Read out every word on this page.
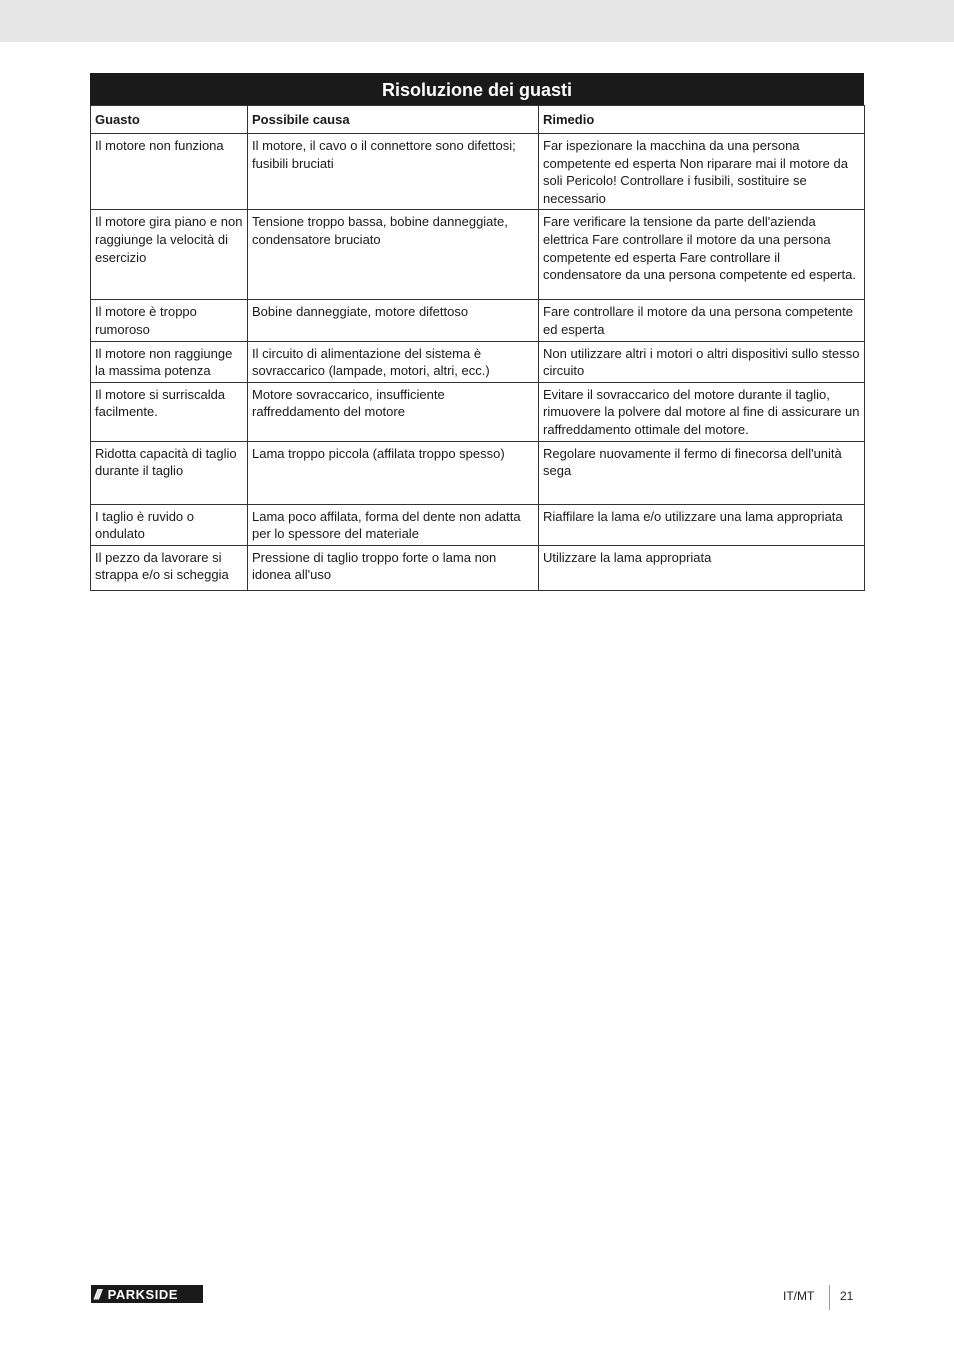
Risoluzione dei guasti
Guasto	Possibile causa	Rimedio
Il motore non funziona	Il motore, il cavo o il connettore sono difettosi; fusibili bruciati	Far ispezionare la macchina da una persona competente ed esperta Non riparare mai il motore da soli Pericolo! Controllare i fusibili, sostituire se necessario
Il motore gira piano e non raggiunge la velocità di esercizio	Tensione troppo bassa, bobine danneggiate, condensatore bruciato	Fare verificare la tensione da parte dell'azienda elettrica Fare controllare il motore da una persona competente ed esperta Fare controllare il condensatore da una persona competente ed esperta.
Il motore è troppo rumoroso	Bobine danneggiate, motore difettoso	Fare controllare il motore da una persona competente ed esperta
Il motore non raggiunge la massima potenza	Il circuito di alimentazione del sistema è sovraccarico (lampade, motori, altri, ecc.)	Non utilizzare altri i motori o altri dispositivi sullo stesso circuito
Il motore si surriscalda facilmente.	Motore sovraccarico, insufficiente raffreddamento del motore	Evitare il sovraccarico del motore durante il taglio, rimuovere la polvere dal motore al fine di assicurare un raffreddamento ottimale del motore.
Ridotta capacità di taglio durante il taglio	Lama troppo piccola (affilata troppo spesso)	Regolare nuovamente il fermo di finecorsa dell'unità sega
I taglio è ruvido o ondulato	Lama poco affilata, forma del dente non adatta per lo spessore del materiale	Riaffilare la lama e/o utilizzare una lama appropriata
Il pezzo da lavorare si strappa e/o si scheggia	Pressione di taglio troppo forte o lama non idonea all'uso	Utilizzare la lama appropriata
/// PARKSIDE	IT/MT 21
